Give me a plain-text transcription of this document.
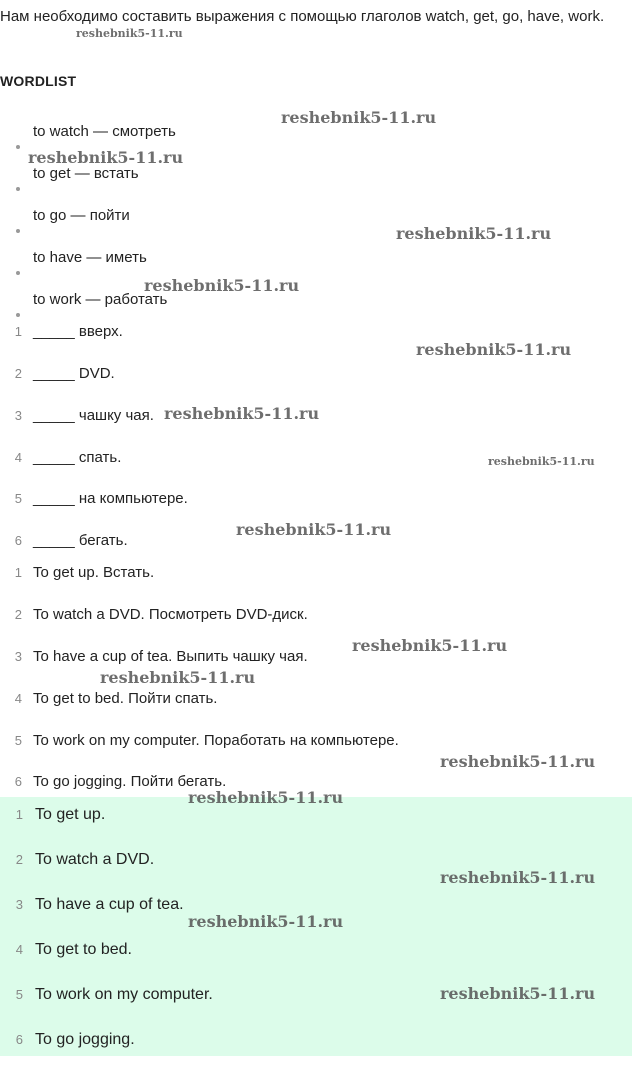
Нам необходимо составить выражения с помощью глаголов watch, get, go, have, work.
WORDLIST
to watch — смотреть
to get — встать
to go — пойти
to have — иметь
to work — работать
1 _____ вверх.
2 _____ DVD.
3 _____ чашку чая.
4 _____ спать.
5 _____ на компьютере.
6 _____ бегать.
1 To get up. Встать.
2 To watch a DVD. Посмотреть DVD-диск.
3 To have a cup of tea. Выпить чашку чая.
4 To get to bed. Пойти спать.
5 To work on my computer. Поработать на компьютере.
6 To go jogging. Пойти бегать.
1 To get up.
2 To watch a DVD.
3 To have a cup of tea.
4 To get to bed.
5 To work on my computer.
6 To go jogging.
reshebnik5-11.ru
reshebnik5-11.ru
reshebnik5-11.ru
reshebnik5-11.ru
reshebnik5-11.ru
reshebnik5-11.ru
reshebnik5-11.ru
reshebnik5-11.ru
reshebnik5-11.ru
reshebnik5-11.ru
reshebnik5-11.ru
reshebnik5-11.ru
reshebnik5-11.ru
reshebnik5-11.ru
reshebnik5-11.ru
reshebnik5-11.ru
